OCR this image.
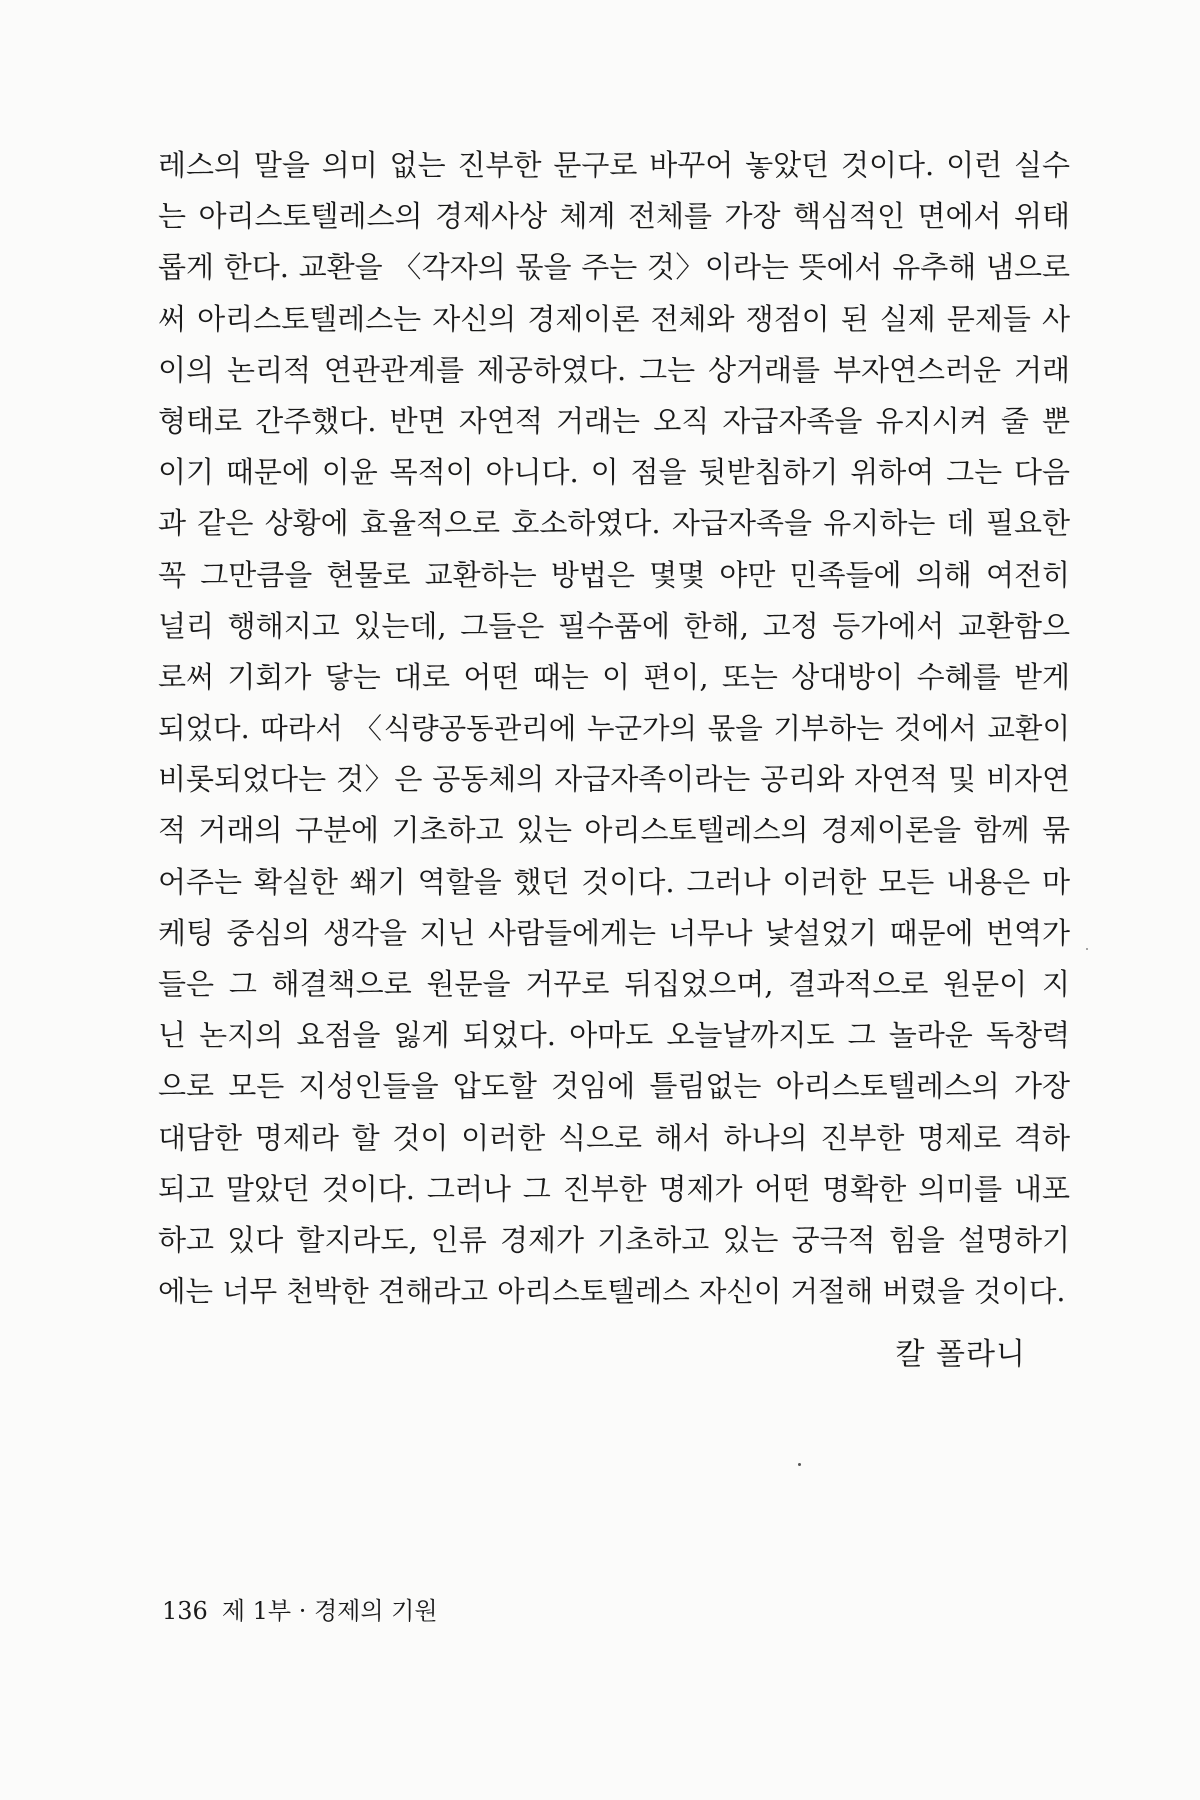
레스의 말을 의미 없는 진부한 문구로 바꾸어 놓았던 것이다. 이런 실수
는 아리스토텔레스의 경제사상 체계 전체를 가장 핵심적인 면에서 위태
롭게 한다. 교환을 〈각자의 몫을 주는 것〉이라는 뜻에서 유추해 냄으로
써 아리스토텔레스는 자신의 경제이론 전체와 쟁점이 된 실제 문제들 사
이의 논리적 연관관계를 제공하였다. 그는 상거래를 부자연스러운 거래
형태로 간주했다. 반면 자연적 거래는 오직 자급자족을 유지시켜 줄 뿐
이기 때문에 이윤 목적이 아니다. 이 점을 뒷받침하기 위하여 그는 다음
과 같은 상황에 효율적으로 호소하였다. 자급자족을 유지하는 데 필요한
꼭 그만큼을 현물로 교환하는 방법은 몇몇 야만 민족들에 의해 여전히
널리 행해지고 있는데, 그들은 필수품에 한해, 고정 등가에서 교환함으
로써 기회가 닿는 대로 어떤 때는 이 편이, 또는 상대방이 수혜를 받게
되었다. 따라서 〈식량공동관리에 누군가의 몫을 기부하는 것에서 교환이
비롯되었다는 것〉은 공동체의 자급자족이라는 공리와 자연적 및 비자연
적 거래의 구분에 기초하고 있는 아리스토텔레스의 경제이론을 함께 묶
어주는 확실한 쐐기 역할을 했던 것이다. 그러나 이러한 모든 내용은 마
케팅 중심의 생각을 지닌 사람들에게는 너무나 낯설었기 때문에 번역가
들은 그 해결책으로 원문을 거꾸로 뒤집었으며, 결과적으로 원문이 지
닌 논지의 요점을 잃게 되었다. 아마도 오늘날까지도 그 놀라운 독창력
으로 모든 지성인들을 압도할 것임에 틀림없는 아리스토텔레스의 가장
대담한 명제라 할 것이 이러한 식으로 해서 하나의 진부한 명제로 격하
되고 말았던 것이다. 그러나 그 진부한 명제가 어떤 명확한 의미를 내포
하고 있다 할지라도, 인류 경제가 기초하고 있는 궁극적 힘을 설명하기
에는 너무 천박한 견해라고 아리스토텔레스 자신이 거절해 버렸을 것이다.
칼 폴라니
136 제 1부 · 경제의 기원
